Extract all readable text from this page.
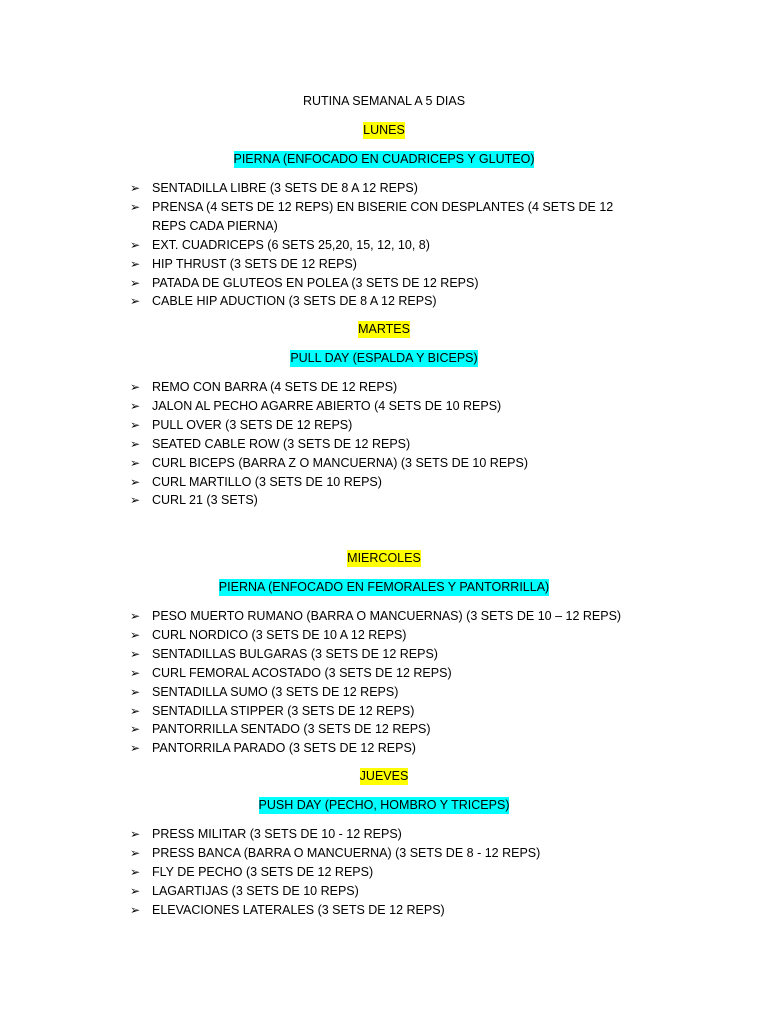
RUTINA SEMANAL A 5 DIAS
LUNES
PIERNA (ENFOCADO EN CUADRICEPS Y GLUTEO)
➢ SENTADILLA LIBRE (3 SETS DE 8 A 12 REPS)
➢ PRENSA (4 SETS DE 12 REPS) EN BISERIE CON DESPLANTES (4 SETS DE 12 REPS CADA PIERNA)
➢ EXT. CUADRICEPS (6 SETS 25,20, 15, 12, 10, 8)
➢ HIP THRUST (3 SETS DE 12 REPS)
➢ PATADA DE GLUTEOS EN POLEA (3 SETS DE 12 REPS)
➢ CABLE HIP ADUCTION (3 SETS DE 8 A 12 REPS)
MARTES
PULL DAY (ESPALDA Y BICEPS)
➢ REMO CON BARRA (4 SETS DE 12 REPS)
➢ JALON AL PECHO AGARRE ABIERTO (4 SETS DE 10 REPS)
➢ PULL OVER (3 SETS DE 12 REPS)
➢ SEATED CABLE ROW (3 SETS DE 12 REPS)
➢ CURL BICEPS (BARRA Z O MANCUERNA) (3 SETS DE 10 REPS)
➢ CURL MARTILLO (3 SETS DE 10 REPS)
➢ CURL 21 (3 SETS)
MIERCOLES
PIERNA (ENFOCADO EN FEMORALES Y PANTORRILLA)
➢ PESO MUERTO RUMANO (BARRA O MANCUERNAS) (3 SETS DE 10 – 12 REPS)
➢ CURL NORDICO (3 SETS DE 10 A 12 REPS)
➢ SENTADILLAS BULGARAS (3 SETS DE 12 REPS)
➢ CURL FEMORAL ACOSTADO (3 SETS DE 12 REPS)
➢ SENTADILLA SUMO (3 SETS DE 12 REPS)
➢ SENTADILLA STIPPER (3 SETS DE 12 REPS)
➢ PANTORRILLA SENTADO (3 SETS DE 12 REPS)
➢ PANTORRILA PARADO (3 SETS DE 12 REPS)
JUEVES
PUSH DAY (PECHO, HOMBRO Y TRICEPS)
➢ PRESS MILITAR (3 SETS DE 10 - 12 REPS)
➢ PRESS BANCA (BARRA O MANCUERNA) (3 SETS DE 8 - 12 REPS)
➢ FLY DE PECHO (3 SETS DE 12 REPS)
➢ LAGARTIJAS (3 SETS DE 10 REPS)
➢ ELEVACIONES LATERALES (3 SETS DE 12 REPS)
